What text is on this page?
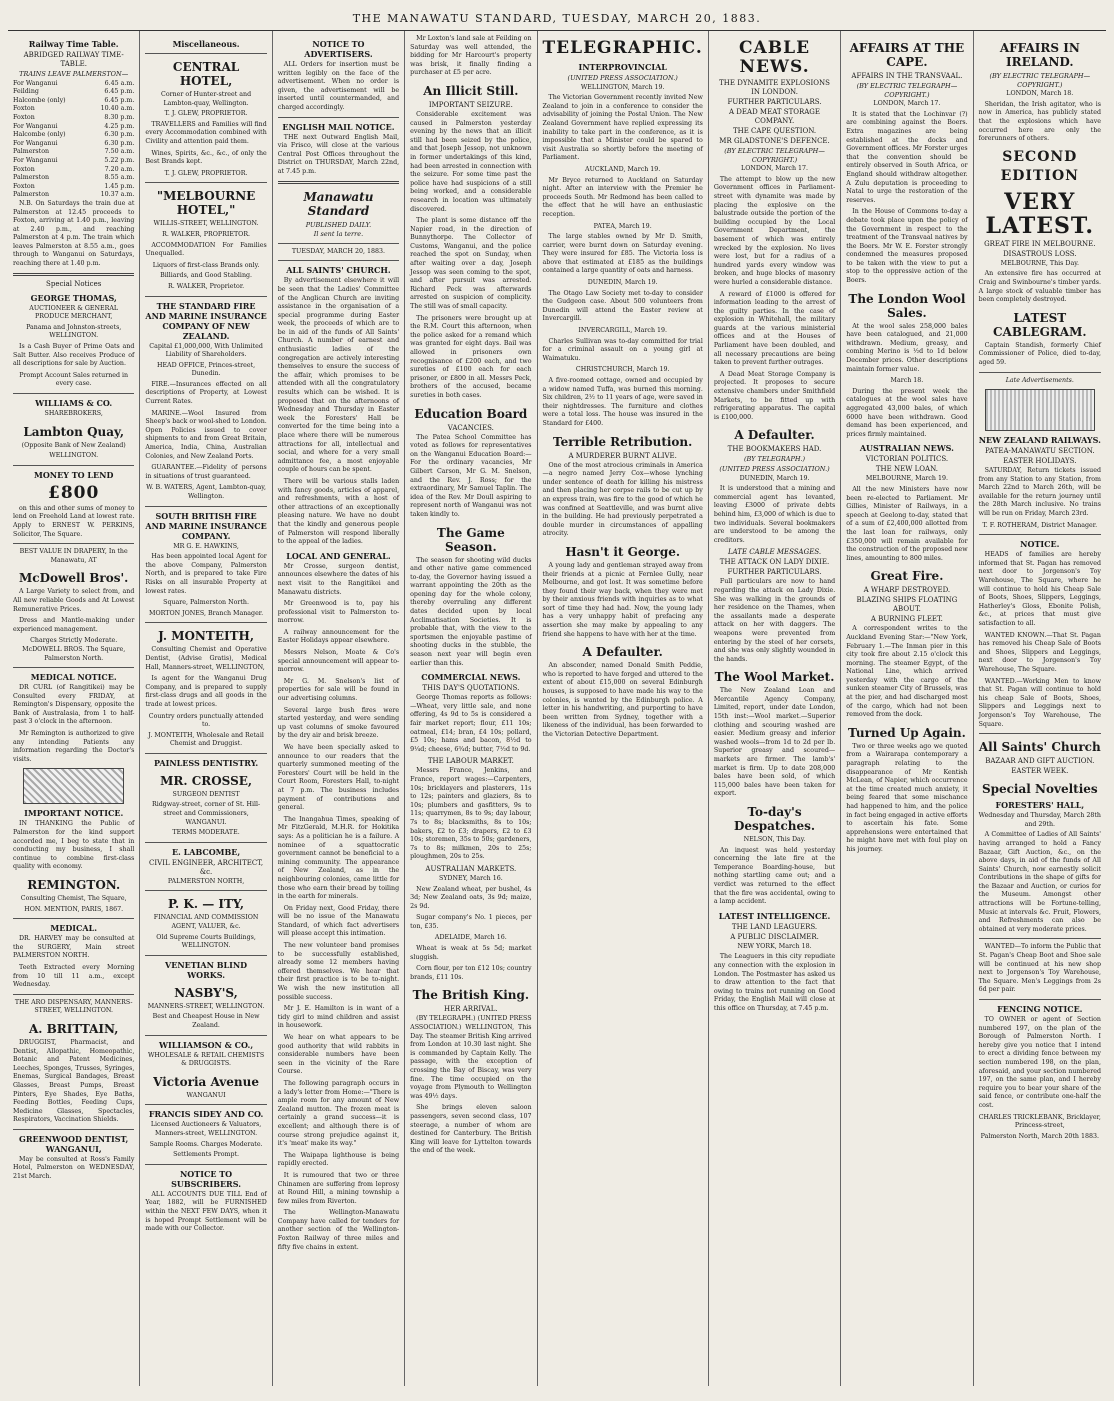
THE MANAWATU STANDARD, TUESDAY, MARCH 20, 1883.
Railway Time Table.
ABRIDGED RAILWAY TIME-TABLE.
TRAINS LEAVE PALMERSTON—
For Wanganui	6.45 a.m.
Feilding	6.45 p.m.
Halcombe (only)	6.45 p.m.
Foxton	10.40 a.m.
Foxton	8.30 p.m.
For Wanganui	4.25 p.m.
Halcombe (only)	6.30 p.m.
For Wanganui	6.30 p.m.
Palmerston	7.50 a.m.
For Wanganui	5.22 p.m.
Foxton	7.20 a.m.
Palmerston	8.55 a.m.
Foxton	1.45 p.m.
Palmerston	10.37 a.m.

N.B. On Saturdays the train due at Palmerston at 12.45 proceeds to Foxton, arriving at 1.40 p.m., leaving at 2.40 p.m., and reaching Palmerston at 4 p.m. The train which leaves Palmerston at 8.55 a.m., goes through to Wanganui on Saturdays, reaching there at 1.40 p.m.

Special Notices
GEORGE THOMAS,
AUCTIONEER & GENERAL PRODUCE MERCHANT,
Panama and Johnston-streets, WELLINGTON.

Is a Cash Buyer of Prime Oats and Salt Butter. Also receives Produce of all descriptions for sale by Auction.

Prompt Account Sales returned in every case.
WILLIAMS & CO.
SHAREBROKERS,
Lambton Quay,
(Opposite Bank of New Zealand)
WELLINGTON.
MONEY TO LEND
£800

on this and other sums of money to lend on Freehold Land at lowest rate. Apply to ERNEST W. PERKINS, Solicitor, The Square.

BEST VALUE IN DRAPERY, In the Manawatu, AT
McDowell Bros'.

A Large Variety to select from, and All new reliable Goods and At Lowest Remunerative Prices.

Dress and Mantle-making under experienced management.

Charges Strictly Moderate. McDOWELL BROS. The Square, Palmerston North.
MEDICAL NOTICE.

DR CURL (of Rangitikei) may be Consulted every FRIDAY, at Remington's Dispensary, opposite the Bank of Australasia, from 1 to half-past 3 o'clock in the afternoon.

Mr Remington is authorized to give any intending Patients any information regarding the Doctor's visits.

IMPORTANT NOTICE.

IN THANKING the Public of Palmerston for the kind support accorded me, I beg to state that in conducting my business, I shall continue to combine first-class quality with economy.

REMINGTON.
Consulting Chemist, The Square,
HON. MENTION, PARIS, 1867.
MEDICAL.

DR. HARVEY may be consulted at the SURGERY, Main street PALMERSTON NORTH.

Teeth Extracted every Morning from 10 till 11 a.m., except Wednesday.

THE ARO DISPENSARY, MANNERS-STREET, WELLINGTON.
A. BRITTAIN,

DRUGGIST, Pharmacist, and Dentist, Allopathic, Homeopathic, Botanic and Patent Medicines, Leeches, Sponges, Trusses, Syringes, Enemas, Surgical Bandages, Breast Glasses, Breast Pumps, Breast Pinters, Eye Shades, Eye Baths, Feeding Bottles, Feeding Cups, Medicine Glasses, Spectacles, Respirators, Vaccination Shields.

GREENWOOD DENTIST, WANGANUI,

May be consulted at Ross's Family Hotel, Palmerston on WEDNESDAY, 21st March.

Miscellaneous.
CENTRAL HOTEL,
Corner of Hunter-street and Lambton-quay, Wellington.
T. J. GLEW, PROPRIETOR.

TRAVELLERS and Families will find every Accommodation combined with Civility and attention paid them.

Wines, Spirits, &c., &c., of only the Best Brands kept.

T. J. GLEW, PROPRIETOR.
"MELBOURNE HOTEL,"
WILLIS-STREET, WELLINGTON.
R. WALKER, PROPRIETOR.

ACCOMMODATION For Families Unequalled.

Liquors of first-class Brands only.
Billiards, and Good Stabling.
R. WALKER, Proprietor.
THE STANDARD FIRE AND MARINE INSURANCE COMPANY OF NEW ZEALAND.
Capital £1,000,000, With Unlimited Liability of Shareholders.
HEAD OFFICE, Princes-street, Dunedin.

FIRE.—Insurances effected on all descriptions of Property, at Lowest Current Rates.

MARINE.—Wool Insured from Sheep's back or wool-shed to London. Open Policies issued to cover shipments to and from Great Britain, America, India, China, Australian Colonies, and New Zealand Ports.

GUARANTEE.—Fidelity of persons in situations of trust guaranteed.

W. B. WATERS, Agent, Lambton-quay, Wellington.
SOUTH BRITISH FIRE AND MARINE INSURANCE COMPANY.
MR G. E. HAWKINS,

Has been appointed local Agent for the above Company, Palmerston North, and is prepared to take Fire Risks on all insurable Property at lowest rates.

Square, Palmerston North.
MORTON JONES, Branch Manager.
J. MONTEITH,

Consulting Chemist and Operative Dentist, (Advise Gratis), Medical Hall, Manners-street, WELLINGTON,

Is agent for the Wanganui Drug Company, and is prepared to supply first-class drugs and all goods in the trade at lowest prices.

Country orders punctually attended to.
J. MONTEITH, Wholesale and Retail Chemist and Druggist.
PAINLESS DENTISTRY.
MR. CROSSE,
SURGEON DENTIST
Ridgway-street, corner of St. Hill-street and Commissioners, WANGANUI.
TERMS MODERATE.
E. LABCOMBE,
CIVIL ENGINEER, ARCHITECT, &c.
PALMERSTON NORTH,
P. K. — ITY,
FINANCIAL AND COMMISSION AGENT, VALUER, &c.
Old Supreme Courts Buildings, WELLINGTON.
VENETIAN BLIND WORKS.
NASBY'S,
MANNERS-STREET, WELLINGTON.
Best and Cheapest House in New Zealand.
WILLIAMSON & CO.,
WHOLESALE & RETAIL CHEMISTS & DRUGGISTS.
Victoria Avenue
WANGANUI
FRANCIS SIDEY AND CO.
Licensed Auctioneers & Valuators, Manners-street, WELLINGTON.
Sample Rooms. Charges Moderate.
Settlements Prompt.
NOTICE TO SUBSCRIBERS.

ALL ACCOUNTS DUE TILL End of Year, 1882, will be FURNISHED within the NEXT FEW DAYS, when it is hoped Prompt Settlement will be made with our Collector.

NOTICE TO ADVERTISERS.

ALL Orders for insertion must be written legibly on the face of the advertisement. When no order is given, the advertisement will be inserted until countermanded, and charged accordingly.

ENGLISH MAIL NOTICE.

THE next Outward English Mail, via Frisco, will close at the various Central Post Offices throughout the District on THURSDAY, March 22nd, at 7.45 p.m.

Manawatu Standard
PUBLISHED DAILY.
Il sent la terre.
TUESDAY, MARCH 20, 1883.
ALL SAINTS' CHURCH.

By advertisement elsewhere it will be seen that the Ladies' Committee of the Anglican Church are inviting assistance in the organisation of a special programme during Easter week, the proceeds of which are to be in aid of the funds of All Saints' Church. A number of earnest and enthusiastic ladies of the congregation are actively interesting themselves to ensure the success of the affair, which promises to be attended with all the congratulatory results which can be wished. It is proposed that on the afternoons of Wednesday and Thursday in Easter week the Foresters' Hall be converted for the time being into a place where there will be numerous attractions for all, intellectual and social, and where for a very small admittance fee, a most enjoyable couple of hours can be spent.

There will be various stalls laden with fancy goods, articles of apparel, and refreshments, with a host of other attractions of an exceptionally pleasing nature. We have no doubt that the kindly and generous people of Palmerston will respond liberally to the appeal of the ladies.

LOCAL AND GENERAL.

Mr Crosse, surgeon dentist, announces elsewhere the dates of his next visit to the Rangitikei and Manawatu districts.

Mr Greenwood is to, pay his professional visit to Palmerston to-morrow.

A railway announcement for the Easter Holidays appear elsewhere.

Messrs Nelson, Moate & Co's special announcement will appear to-morrow.

Mr G. M. Snelson's list of properties for sale will be found in our advertising columns.

Several large bush fires were started yesterday, and were sending up vast columns of smoke favoured by the dry air and brisk breeze.

We have been specially asked to announce to our readers that the quarterly summoned meeting of the Foresters' Court will be held in the Court Room, Foresters Hall, to-night at 7 p.m. The business includes payment of contributions and general.

The Inangahua Times, speaking of Mr FitzGerald, M.H.R. for Hokitika says: As a politician he is a failure. A nominee of a squattocratic government cannot be beneficial to a mining community. The appearance of New Zealand, as in the neighbouring colonies, came little for those who earn their bread by toiling in the earth for minerals.

On Friday next, Good Friday, there will be no issue of the Manawatu Standard, of which fact advertisers will please accept this intimation.

The new volunteer band promises to be successfully established, already some 12 members having offered themselves. We hear that their first practice is to be to-night. We wish the new institution all possible success.

Mr J. E. Hamilton is in want of a tidy girl to mind children and assist in housework.

We hear on what appears to be good authority that wild rabbits in considerable numbers have been seen in the vicinity of the Rare Course.

The following paragraph occurs in a lady's letter from Home:—"There is ample room for any amount of New Zealand mutton. The frozen meat is certainly a grand success—it is excellent; and although there is of course strong prejudice against it, it's 'meat' make its way."

The Waipapa lighthouse is being rapidly erected.

It is rumoured that two or three Chinamen are suffering from leprosy at Round Hill, a mining township a few miles from Riverton.

The Wellington-Manawatu Company have called for tenders for another section of the Wellington-Foxton Railway of three miles and fifty five chains in extent.

Mr Loxton's land sale at Feilding on Saturday was well attended, the bidding for Mr Harcourt's property was brisk, it finally finding a purchaser at £5 per acre.

An Illicit Still.
IMPORTANT SEIZURE.

Considerable excitement was caused in Palmerston yesterday evening by the news that an illicit still had been seized by the police, and that Joseph Jessop, not unknown in former undertakings of this kind, had been arrested in connection with the seizure. For some time past the police have had suspicions of a still being worked, and a considerable research in location was ultimately discovered.

The plant is some distance off the Napier road, in the direction of Bunnythorpe. The Collector of Customs, Wanganui, and the police reached the spot on Sunday, when after waiting over a day, Joseph Jessop was seen coming to the spot, and after pursuit was arrested. Richard Peck was afterwards arrested on suspicion of complicity. The still was of small capacity.

The prisoners were brought up at the R.M. Court this afternoon, when the police asked for a remand which was granted for eight days. Bail was allowed in prisoners own recognisance of £200 each, and two sureties of £100 each for each prisoner, or £800 in all. Messrs Peck, brothers of the accused, became sureties in both cases.

Education Board
VACANCIES.

The Patea School Committee has voted as follows for representatives on the Wanganui Education Board:—For the ordinary vacancies, Mr Gilbert Carson, Mr G. M. Snelson, and the Rev. J. Ross; for the extraordinary, Mr Samuel Taplin. The idea of the Rev. Mr Doull aspiring to represent north of Wanganui was not taken kindly to.

The Game Season.

The season for shooting wild ducks and other native game commenced to-day, the Governor having issued a warrant appointing the 20th as the opening day for the whole colony, thereby overruling any different dates decided upon by local Acclimatisation Societies. It is probable that, with the view to the sportsmen the enjoyable pastime of shooting ducks in the stubble, the season next year will begin even earlier than this.

COMMERCIAL NEWS.
THIS DAY'S QUOTATIONS.

George Thomas reports as follows:—Wheat, very little sale, and none offering, 4s 9d to 5s is considered a fair market report; flour, £11 10s; oatmeal, £14; bran, £4 10s; pollard, £5 10s; hams and bacon, 8½d to 9¼d; cheese, 6¾d; butter, 7½d to 9d.

THE LABOUR MARKET.

Messrs France, Jenkins, and France, report wages:—Carpenters, 10s; bricklayers and plasterers, 11s to 12s; painters and glaziers, 8s to 10s; plumbers and gasfitters, 9s to 11s; quarrymen, 8s to 9s; day labour, 7s to 8s; blacksmiths, 8s to 10s; bakers, £2 to £3; drapers, £2 to £3 10s; storemen, 35s to 50s; gardeners, 7s to 8s; milkmen, 20s to 25s; ploughmen, 20s to 25s.

AUSTRALIAN MARKETS.
SYDNEY, March 16.

New Zealand wheat, per bushel, 4s 3d; New Zealand oats, 3s 9d; maize, 2s 9d.

Sugar company's No. 1 pieces, per ton, £35.

ADELAIDE, March 16.

Wheat is weak at 5s 5d; market sluggish.

Corn flour, per ton £12 10s; country brands, £11 10s.

The British King.
HER ARRIVAL.

(BY TELEGRAPH.) (UNITED PRESS ASSOCIATION.) WELLINGTON, This Day. The steamer British King arrived from London at 10.30 last night. She is commanded by Captain Kelly. The passage, with the exception of crossing the Bay of Biscay, was very fine. The time occupied on the voyage from Plymouth to Wellington was 49½ days.

She brings eleven saloon passengers, seven second class, 107 steerage, a number of whom are destined for Canterbury. The British King will leave for Lyttelton towards the end of the week.

TELEGRAPHIC.
INTERPROVINCIAL
(UNITED PRESS ASSOCIATION.)
WELLINGTON, March 19.

The Victorian Government recently invited New Zealand to join in a conference to consider the advisability of joining the Postal Union. The New Zealand Government have replied expressing its inability to take part in the conference, as it is impossible that a Minister could be spared to visit Australia so shortly before the meeting of Parliament.

AUCKLAND, March 19.

Mr Bryce returned to Auckland on Saturday night. After an interview with the Premier he proceeds South. Mr Redmond has been called to the effect that he will have an enthusiastic reception.

PATEA, March 19.

The large stables owned by Mr D. Smith, carrier, were burnt down on Saturday evening. They were insured for £85. The Victoria loss is above that estimated at £185 as the buildings contained a large quantity of oats and harness.

DUNEDIN, March 19.

The Otago Law Society met to-day to consider the Gudgeon case. About 500 volunteers from Dunedin will attend the Easter review at Invercargill.

INVERCARGILL, March 19.

Charles Sullivan was to-day committed for trial for a criminal assault on a young girl at Waimatuku.

CHRISTCHURCH, March 19.

A five-roomed cottage, owned and occupied by a widow named Tuffa, was burned this morning. Six children, 2½ to 11 years of age, were saved in their nightdresses. The furniture and clothes were a total loss. The house was insured in the Standard for £400.

Terrible Retribution.
A MURDERER BURNT ALIVE.

One of the most atrocious criminals in America—a negro named Jerry Cox—whose lynching under sentence of death for killing his mistress and then placing her corpse rails to be cut up by an express train, was fire to the good of which he was confined at Seattleville, and was burnt alive in the building. He had previously perpetrated a double murder in circumstances of appalling atrocity.

Hasn't it George.

A young lady and gentleman strayed away from their friends at a picnic at Fernlee Gully, near Melbourne, and got lost. It was sometime before they found their way back, when they were met by their anxious friends with inquiries as to what sort of time they had had. Now, the young lady has a very unhappy habit of prefacing any assertion she may make by appealing to any friend she happens to have with her at the time.

A Defaulter.

An absconder, named Donald Smith Peddie, who is reported to have forged and uttered to the extent of about £15,000 on several Edinburgh houses, is supposed to have made his way to the colonies, is wanted by the Edinburgh police. A letter in his handwriting, and purporting to have been written from Sydney, together with a likeness of the individual, has been forwarded to the Victorian Detective Department.

CABLE NEWS.
THE DYNAMITE EXPLOSIONS IN LONDON.
FURTHER PARTICULARS.
A DEAD MEAT STORAGE COMPANY.
THE CAPE QUESTION.
MR GLADSTONE'S DEFENCE.
(BY ELECTRIC TELEGRAPH—COPYRIGHT.)
LONDON, March 17.

The attempt to blow up the new Government offices in Parliament-street with dynamite was made by placing the explosive on the balustrade outside the portion of the building occupied by the Local Government Department, the basement of which was entirely wrecked by the explosion. No lives were lost, but for a radius of a hundred yards every window was broken, and huge blocks of masonry were hurled a considerable distance.

A reward of £1000 is offered for information leading to the arrest of the guilty parties. In the case of explosion in Whitehall, the military guards at the various ministerial offices and at the Houses of Parliament have been doubled, and all necessary precautions are being taken to prevent further outrages.

A Dead Meat Storage Company is projected. It proposes to secure extensive chambers under Smithfield Markets, to be fitted up with refrigerating apparatus. The capital is £100,000.

A Defaulter.
THE BOOKMAKERS HAD.
(BY TELEGRAPH.)
(UNITED PRESS ASSOCIATION.)
DUNEDIN, March 19.

It is understood that a mining and commercial agent has levanted, leaving £3000 of private debts behind him, £3,000 of which is due to two individuals. Several bookmakers are understood to be among the creditors.

LATE CABLE MESSAGES.
THE ATTACK ON LADY DIXIE.
FURTHER PARTICULARS.

Full particulars are now to hand regarding the attack on Lady Dixie. She was walking in the grounds of her residence on the Thames, when the assailants made a desperate attack on her with daggers. The weapons were prevented from entering by the steel of her corsets, and she was only slightly wounded in the hands.

The Wool Market.

The New Zealand Loan and Mercantile Agency Company, Limited, report, under date London, 15th inst:—Wool market.—Superior clothing and scouring washed are easier. Medium greasy and inferior washed wools—from 1d to 2d per lb. Superior greasy and scoured—markets are firmer. The lamb's' market is firm. Up to date 208,000 bales have been sold, of which 115,000 bales have been taken for export.

To-day's Despatches.
NELSON, This Day.

An inquest was held yesterday concerning the late fire at the Temperance Boarding-house, but nothing startling came out; and a verdict was returned to the effect that the fire was accidental, owing to a lamp accident.

LATEST INTELLIGENCE.
THE LAND LEAGUERS.
A PUBLIC DISCLAIMER.
NEW YORK, March 18.

The Leaguers in this city repudiate any connection with the explosion in London. The Postmaster has asked us to draw attention to the fact that owing to trains not running on Good Friday, the English Mail will close at this office on Thursday, at 7.45 p.m.

AFFAIRS AT THE CAPE.
AFFAIRS IN THE TRANSVAAL.
(BY ELECTRIC TELEGRAPH—COPYRIGHT.)
LONDON, March 17.

It is stated that the Lochinvar (?) are combining against the Boers. Extra magazines are being established at the docks and Government offices. Mr Forster urges that the convention should be entirely observed in South Africa, or England should withdraw altogether. A Zulu deputation is proceeding to Natal to urge the restoration of the reserves.

In the House of Commons to-day a debate took place upon the policy of the Government in respect to the treatment of the Transvaal natives by the Boers. Mr W. E. Forster strongly condemned the measures proposed to be taken with the view to put a stop to the oppressive action of the Boers.

The London Wool Sales.

At the wool sales 258,000 bales have been catalogued, and 21,000 withdrawn. Medium, greasy, and combing Merino is ½d to 1d below December prices. Other descriptions maintain former value.

March 18.

During the present week the catalogues at the wool sales have aggregated 43,000 bales, of which 6000 have been withdrawn. Good demand has been experienced, and prices firmly maintained.

AUSTRALIAN NEWS.
VICTORIAN POLITICS.
THE NEW LOAN.
MELBOURNE, March 19.

All the new Ministers have now been re-elected to Parliament. Mr Gillies, Minister of Railways, in a speech at Geelong to-day, stated that of a sum of £2,400,000 allotted from the last loan for railways, only £350,000 will remain available for the construction of the proposed new lines, amounting to 800 miles.

Great Fire.
A WHARF DESTROYED.
BLAZING SHIPS FLOATING ABOUT.
A BURNING FLEET.

A correspondent writes to the Auckland Evening Star:—"New York, February 1.—The Inman pier in this city took fire about 2.15 o'clock this morning. The steamer Egypt, of the National Line, which arrived yesterday with the cargo of the sunken steamer City of Brussels, was at the pier, and had discharged most of the cargo, which had not been removed from the dock.

Turned Up Again.

Two or three weeks ago we quoted from a Wairarapa contemporary a paragraph relating to the disappearance of Mr Kentish McLean, of Napier, which occurrence at the time created much anxiety, it being feared that some mischance had happened to him, and the police in fact being engaged in active efforts to ascertain his fate. Some apprehensions were entertained that he might have met with foul play on his journey.

AFFAIRS IN IRELAND.
(BY ELECTRIC TELEGRAPH—COPYRIGHT.)
LONDON, March 18.

Sheridan, the Irish agitator, who is now in America, has publicly stated that the explosions which have occurred here are only the forerunners of others.

SECOND EDITION
VERY LATEST.
GREAT FIRE IN MELBOURNE.
DISASTROUS LOSS.
MELBOURNE, This Day.

An extensive fire has occurred at Craig and Swinbourne's timber yards. A large stock of valuable timber has been completely destroyed.

LATEST CABLEGRAM.

Captain Standish, formerly Chief Commissioner of Police, died to-day, aged 59.

Late Advertisements.
NEW ZEALAND RAILWAYS.
PATEA-MANAWATU SECTION.
EASTER HOLIDAYS.

SATURDAY, Return tickets issued from any Station to any Station, from March 22nd to March 26th, will be available for the return journey until the 28th March inclusive. No trains will be run on Friday, March 23rd.

T. F. ROTHERAM, District Manager.
NOTICE.

HEADS of families are hereby informed that St. Pagan has removed next door to Jorgenson's Toy Warehouse, The Square, where he will continue to hold his Cheap Sale of Boots, Shoes, Slippers, Leggings, Hatherley's Gloss, Ebonite Polish, &c., at prices that must give satisfaction to all.

WANTED KNOWN.—That St. Pagan has removed his Cheap Sale of Boots and Shoes, Slippers and Leggings, next door to Jorgenson's Toy Warehouse, The Square.

WANTED.—Working Men to know that St. Pagan will continue to hold his cheap Sale of Boots, Shoes, Slippers and Leggings next to Jorgenson's Toy Warehouse, The Square.

All Saints' Church
BAZAAR AND GIFT AUCTION.
EASTER WEEK.
Special Novelties
FORESTERS' HALL,
Wednesday and Thursday, March 28th and 29th.

A Committee of Ladies of All Saints' having arranged to hold a Fancy Bazaar, Gift Auction, &c., on the above days, in aid of the funds of All Saints' Church, now earnestly solicit Contributions in the shape of gifts for the Bazaar and Auction, or curios for the Museum. Amongst other attractions will be Fortune-telling, Music at intervals &c. Fruit, Flowers, and Refreshments can also be obtained at very moderate prices.

WANTED—To inform the Public that St. Pagan's Cheap Boot and Shoe sale will be continued at his new shop next to Jorgenson's Toy Warehouse, The Square. Men's Leggings from 2s 6d per pair.

FENCING NOTICE.

TO OWNER or agent of Section numbered 197, on the plan of the Borough of Palmerston North. I hereby give you notice that I intend to erect a dividing fence between my section numbered 198, on the plan, aforesaid, and your section numbered 197, on the same plan, and I hereby require you to bear your share of the said fence, or contribute one-half the cost.

CHARLES TRICKLEBANK, Bricklayer, Princess-street,
Palmerston North, March 20th 1883.
